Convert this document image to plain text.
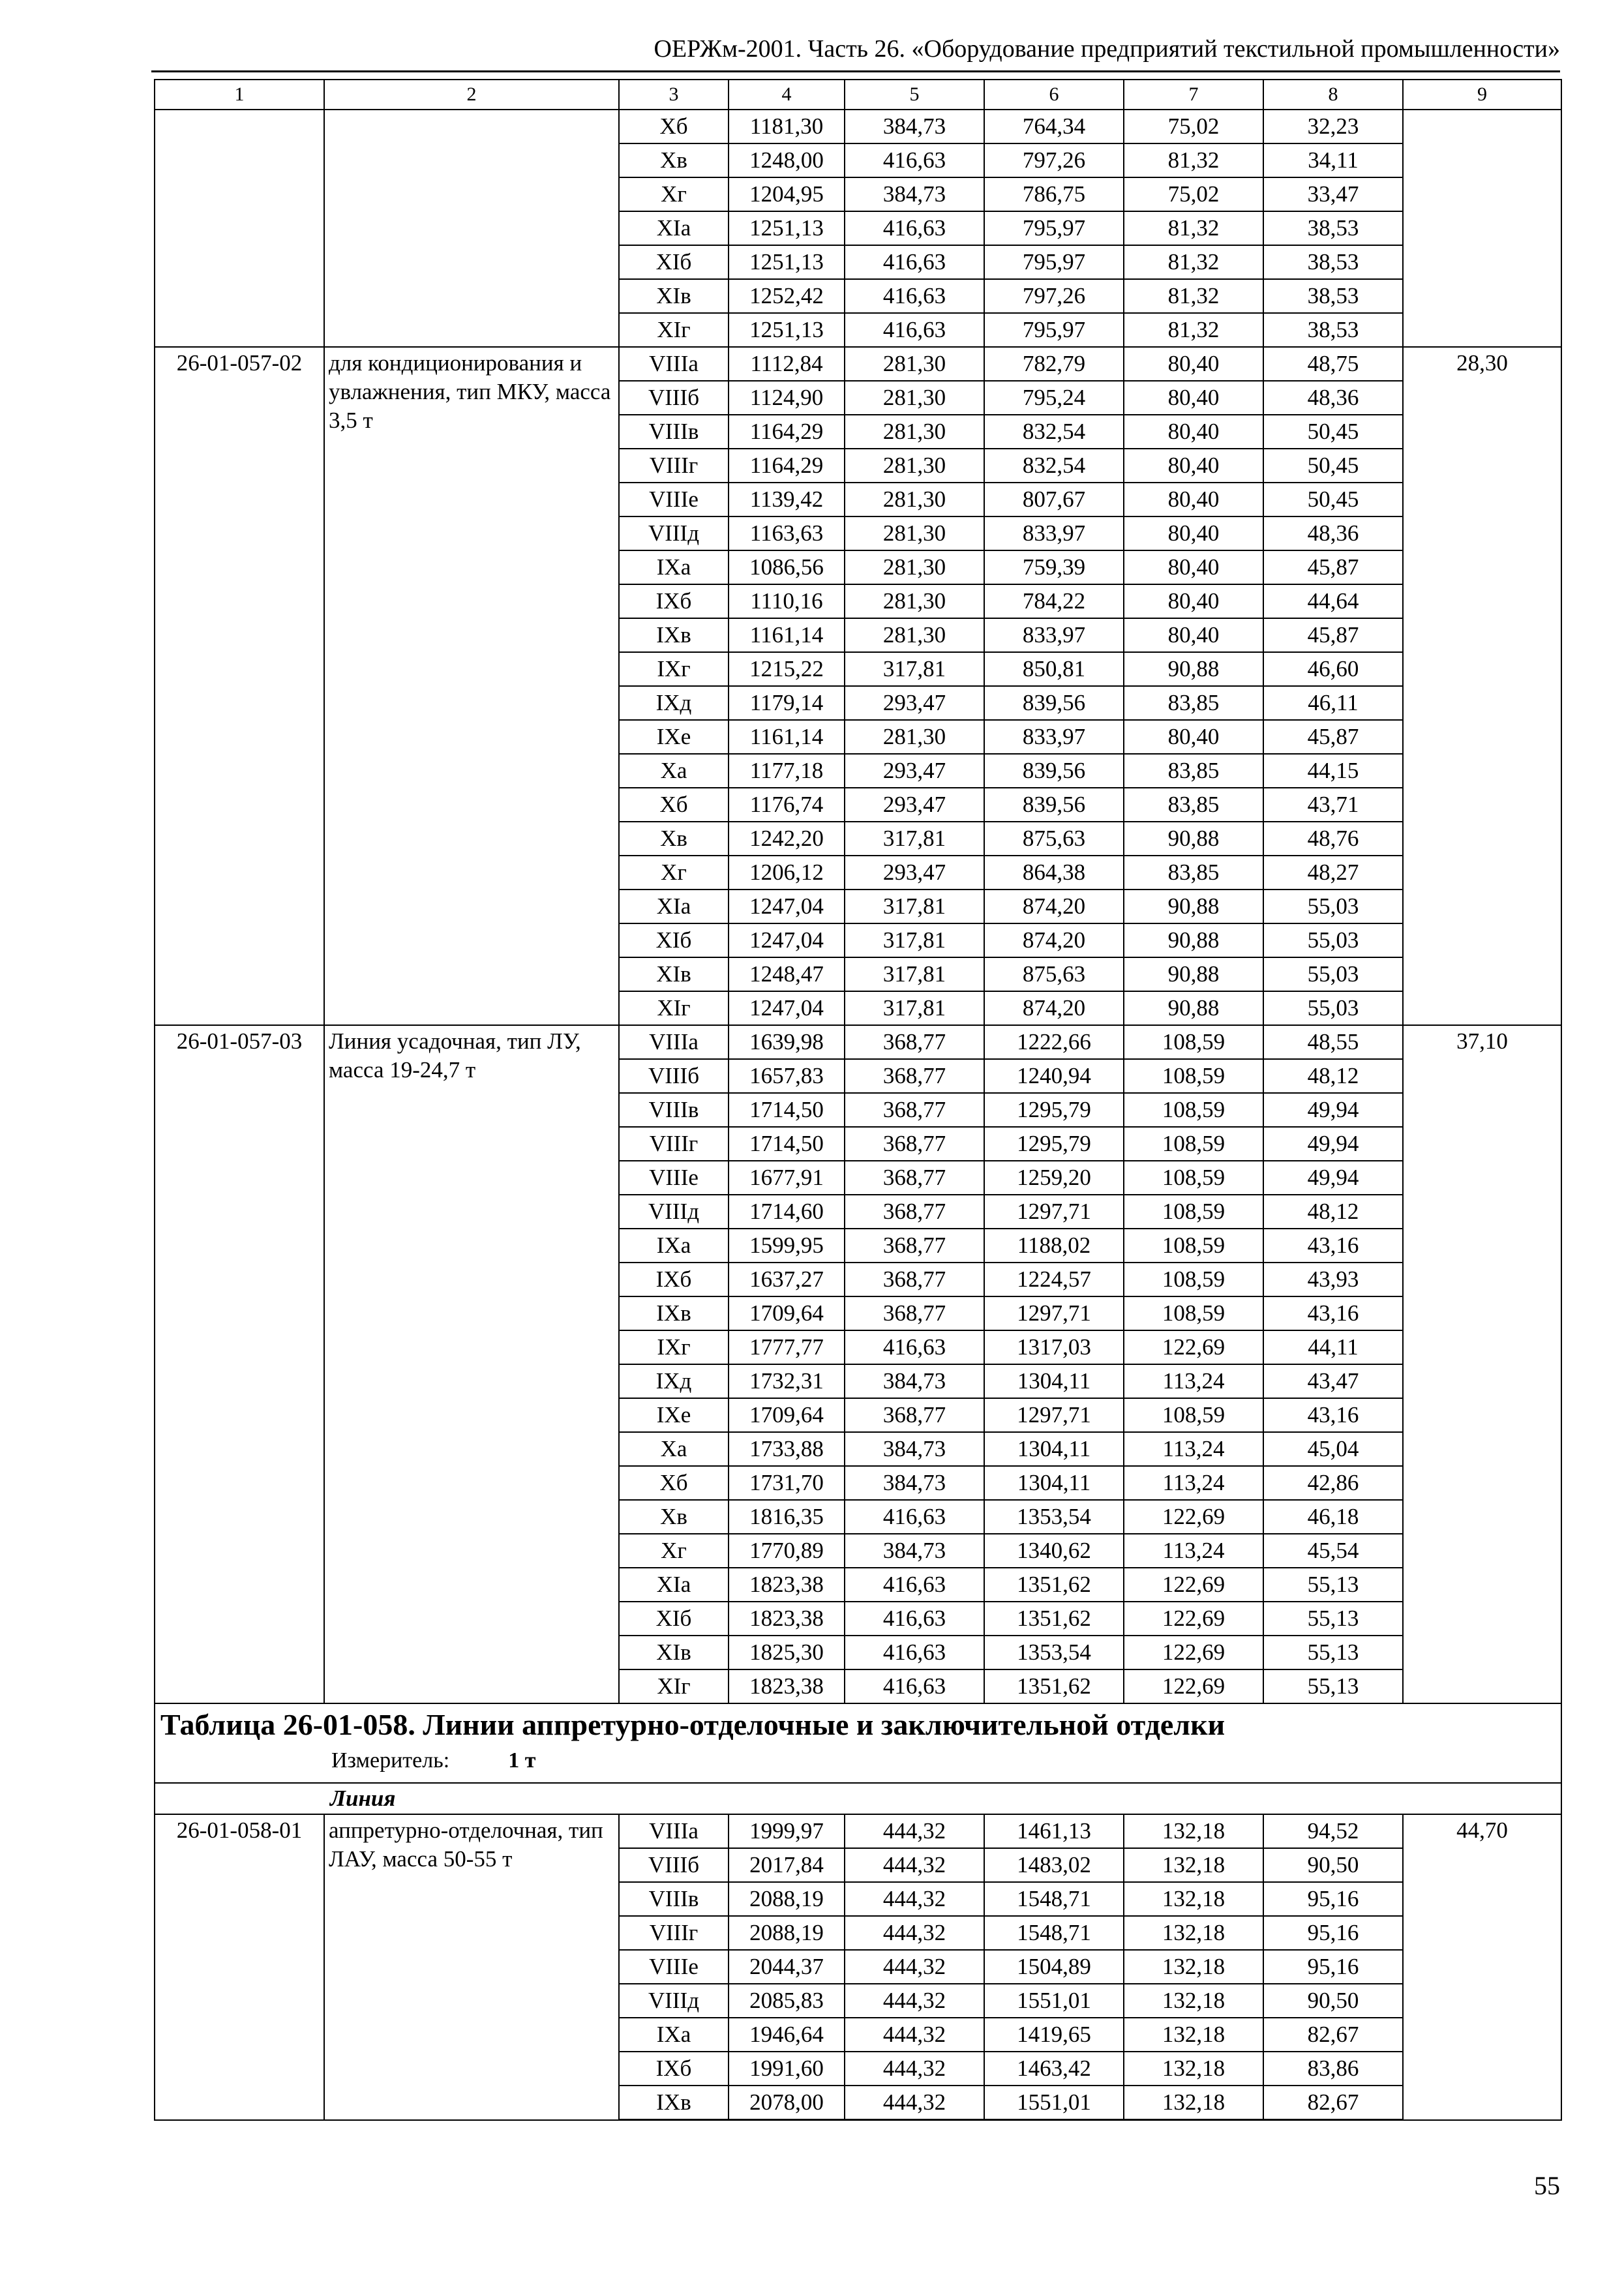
ОЕРЖм-2001. Часть 26. «Оборудование предприятий текстильной промышленности»
1	2	3	4	5	6	7	8	9
		Хб	1181,30	384,73	764,34	75,02	32,23	
		Хв	1248,00	416,63	797,26	81,32	34,11	
		Хг	1204,95	384,73	786,75	75,02	33,47	
		ХIа	1251,13	416,63	795,97	81,32	38,53	
		ХIб	1251,13	416,63	795,97	81,32	38,53	
		ХIв	1252,42	416,63	797,26	81,32	38,53	
		ХIг	1251,13	416,63	795,97	81,32	38,53	
26-01-057-02	для кондиционирования и увлажнения, тип МКУ, масса 3,5 т	VIIIа	1112,84	281,30	782,79	80,40	48,75	28,30
		VIIIб	1124,90	281,30	795,24	80,40	48,36	
		VIIIв	1164,29	281,30	832,54	80,40	50,45	
		VIIIг	1164,29	281,30	832,54	80,40	50,45	
		VIIIе	1139,42	281,30	807,67	80,40	50,45	
		VIIIд	1163,63	281,30	833,97	80,40	48,36	
		IХа	1086,56	281,30	759,39	80,40	45,87	
		IХб	1110,16	281,30	784,22	80,40	44,64	
		IХв	1161,14	281,30	833,97	80,40	45,87	
		IХг	1215,22	317,81	850,81	90,88	46,60	
		IХд	1179,14	293,47	839,56	83,85	46,11	
		IХе	1161,14	281,30	833,97	80,40	45,87	
		Ха	1177,18	293,47	839,56	83,85	44,15	
		Хб	1176,74	293,47	839,56	83,85	43,71	
		Хв	1242,20	317,81	875,63	90,88	48,76	
		Хг	1206,12	293,47	864,38	83,85	48,27	
		ХIа	1247,04	317,81	874,20	90,88	55,03	
		ХIб	1247,04	317,81	874,20	90,88	55,03	
		ХIв	1248,47	317,81	875,63	90,88	55,03	
		ХIг	1247,04	317,81	874,20	90,88	55,03	
26-01-057-03	Линия усадочная, тип ЛУ, масса 19-24,7 т	VIIIа	1639,98	368,77	1222,66	108,59	48,55	37,10
		VIIIб	1657,83	368,77	1240,94	108,59	48,12	
		VIIIв	1714,50	368,77	1295,79	108,59	49,94	
		VIIIг	1714,50	368,77	1295,79	108,59	49,94	
		VIIIе	1677,91	368,77	1259,20	108,59	49,94	
		VIIIд	1714,60	368,77	1297,71	108,59	48,12	
		IХа	1599,95	368,77	1188,02	108,59	43,16	
		IХб	1637,27	368,77	1224,57	108,59	43,93	
		IХв	1709,64	368,77	1297,71	108,59	43,16	
		IХг	1777,77	416,63	1317,03	122,69	44,11	
		IХд	1732,31	384,73	1304,11	113,24	43,47	
		IХе	1709,64	368,77	1297,71	108,59	43,16	
		Ха	1733,88	384,73	1304,11	113,24	45,04	
		Хб	1731,70	384,73	1304,11	113,24	42,86	
		Хв	1816,35	416,63	1353,54	122,69	46,18	
		Хг	1770,89	384,73	1340,62	113,24	45,54	
		ХIа	1823,38	416,63	1351,62	122,69	55,13	
		ХIб	1823,38	416,63	1351,62	122,69	55,13	
		ХIв	1825,30	416,63	1353,54	122,69	55,13	
		ХIг	1823,38	416,63	1351,62	122,69	55,13	

Таблица 26-01-058. Линии аппретурно-отделочные и заключительной отделки
Измеритель: 1 т								

Линия								
26-01-058-01	аппретурно-отделочная, тип ЛАУ, масса 50-55 т	VIIIа	1999,97	444,32	1461,13	132,18	94,52	44,70
		VIIIб	2017,84	444,32	1483,02	132,18	90,50	
		VIIIв	2088,19	444,32	1548,71	132,18	95,16	
		VIIIг	2088,19	444,32	1548,71	132,18	95,16	
		VIIIе	2044,37	444,32	1504,89	132,18	95,16	
		VIIIд	2085,83	444,32	1551,01	132,18	90,50	
		IХа	1946,64	444,32	1419,65	132,18	82,67	
		IХб	1991,60	444,32	1463,42	132,18	83,86	
		IХв	2078,00	444,32	1551,01	132,18	82,67	
55
